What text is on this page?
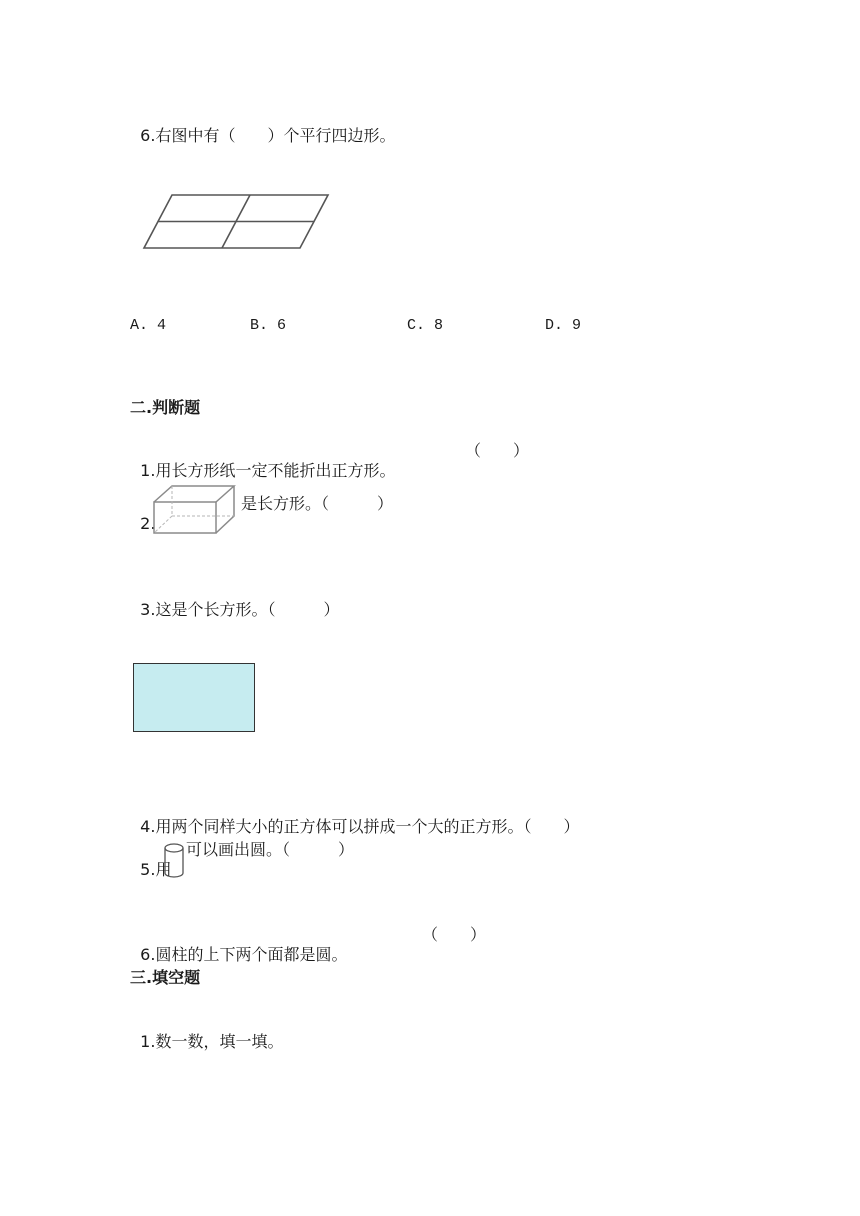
6.右图中有（　　）个平行四边形。

A. 4	B. 6	C. 8	D. 9
二.判断题

1.用长方形纸一定不能折出正方形。

（　　）

2.

是长方形。（　　　）

3.这是个长方形。（　　　）

4.用两个同样大小的正方体可以拼成一个大的正方形。（　　）

5.用

可以画出圆。（　　　）

6.圆柱的上下两个面都是圆。

（　　）
三.填空题

1.数一数，填一填。
